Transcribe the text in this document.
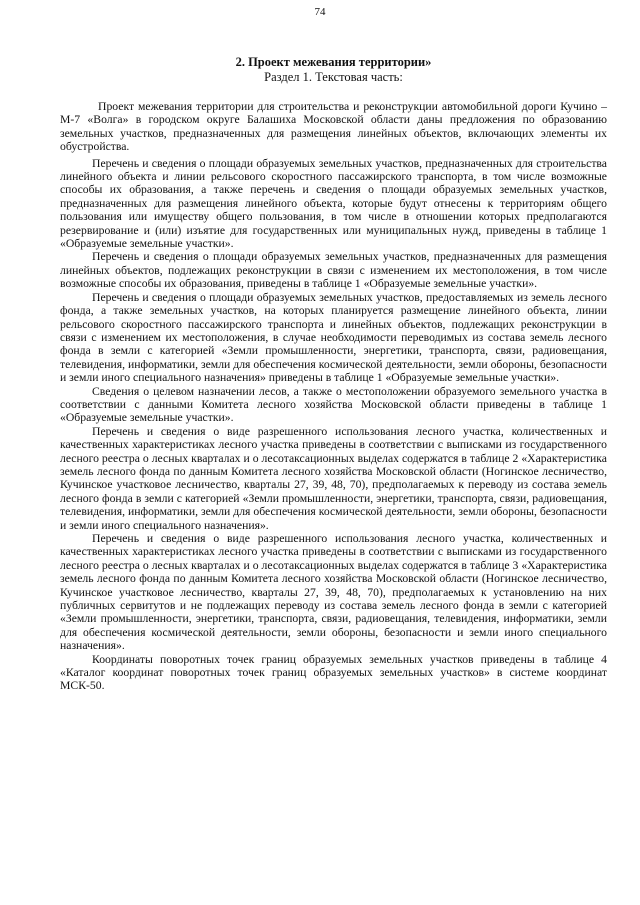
74
2. Проект межевания территории»
Раздел 1. Текстовая часть:

Проект межевания территории для строительства и реконструкции автомобильной дороги Кучино – М-7 «Волга» в городском округе Балашиха Московской области даны предложения по образованию земельных участков, предназначенных для размещения линейных объектов, включающих элементы их обустройства.

Перечень и сведения о площади образуемых земельных участков, предназначенных для строительства линейного объекта и линии рельсового скоростного пассажирского транспорта, в том числе возможные способы их образования, а также перечень и сведения о площади образуемых земельных участков, предназначенных для размещения линейного объекта, которые будут отнесены к территориям общего пользования или имуществу общего пользования, в том числе в отношении которых предполагаются резервирование и (или) изъятие для государственных или муниципальных нужд, приведены в таблице 1 «Образуемые земельные участки».

Перечень и сведения о площади образуемых земельных участков, предназначенных для размещения линейных объектов, подлежащих реконструкции в связи с изменением их местоположения, в том числе возможные способы их образования, приведены в таблице 1 «Образуемые земельные участки».

Перечень и сведения о площади образуемых земельных участков, предоставляемых из земель лесного фонда, а также земельных участков, на которых планируется размещение линейного объекта, линии рельсового скоростного пассажирского транспорта и линейных объектов, подлежащих реконструкции в связи с изменением их местоположения, в случае необходимости переводимых из состава земель лесного фонда в земли с категорией «Земли промышленности, энергетики, транспорта, связи, радиовещания, телевидения, информатики, земли для обеспечения космической деятельности, земли обороны, безопасности и земли иного специального назначения» приведены в таблице 1 «Образуемые земельные участки».

Сведения о целевом назначении лесов, а также о местоположении образуемого земельного участка в соответствии с данными Комитета лесного хозяйства Московской области приведены в таблице 1 «Образуемые земельные участки».

Перечень и сведения о виде разрешенного использования лесного участка, количественных и качественных характеристиках лесного участка приведены в соответствии с выписками из государственного лесного реестра о лесных кварталах и о лесотаксационных выделах содержатся в таблице 2 «Характеристика земель лесного фонда по данным Комитета лесного хозяйства Московской области (Ногинское лесничество, Кучинское участковое лесничество, кварталы 27, 39, 48, 70), предполагаемых к переводу из состава земель лесного фонда в земли с категорией «Земли промышленности, энергетики, транспорта, связи, радиовещания, телевидения, информатики, земли для обеспечения космической деятельности, земли обороны, безопасности и земли иного специального назначения».

Перечень и сведения о виде разрешенного использования лесного участка, количественных и качественных характеристиках лесного участка приведены в соответствии с выписками из государственного лесного реестра о лесных кварталах и о лесотаксационных выделах содержатся в таблице 3 «Характеристика земель лесного фонда по данным Комитета лесного хозяйства Московской области (Ногинское лесничество, Кучинское участковое лесничество, кварталы 27, 39, 48, 70), предполагаемых к установлению на них публичных сервитутов и не подлежащих переводу из состава земель лесного фонда в земли с категорией «Земли промышленности, энергетики, транспорта, связи, радиовещания, телевидения, информатики, земли для обеспечения космической деятельности, земли обороны, безопасности и земли иного специального назначения».

Координаты поворотных точек границ образуемых земельных участков приведены в таблице 4 «Каталог координат поворотных точек границ образуемых земельных участков» в системе координат МСК-50.
